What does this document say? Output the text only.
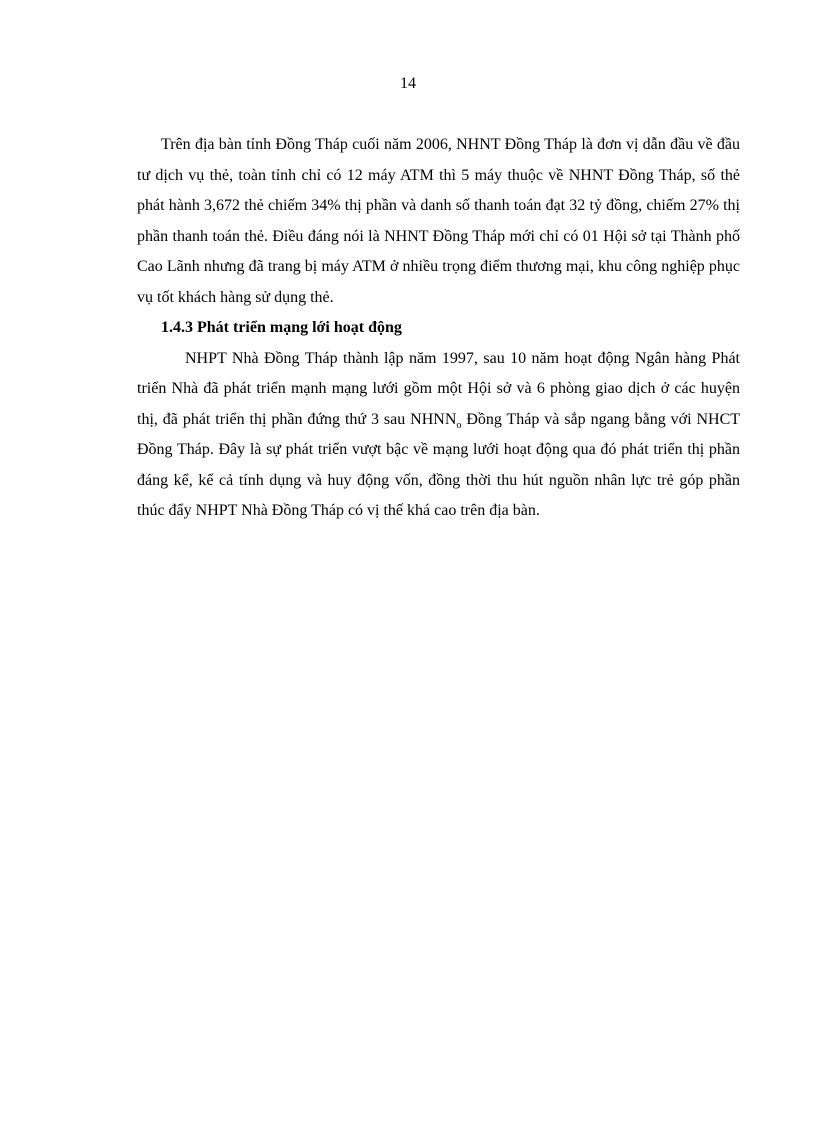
14

Trên địa bàn tỉnh Đồng Tháp cuối năm 2006, NHNT Đồng Tháp là đơn vị dẫn đầu về đầu tư dịch vụ thẻ, toàn tỉnh chỉ có 12 máy ATM thì 5 máy thuộc về NHNT Đồng Tháp, số thẻ phát hành 3,672 thẻ chiếm 34% thị phần và danh số thanh toán đạt 32 tỷ đồng, chiếm 27% thị phần thanh toán thẻ. Điều đáng nói là NHNT Đồng Tháp mới chỉ có 01 Hội sở tại Thành phố Cao Lãnh nhưng đã trang bị máy ATM ở nhiều trọng điểm thương mại, khu công nghiệp phục vụ tốt khách hàng sử dụng thẻ.

1.4.3 Phát triển mạng lới hoạt động

NHPT Nhà Đồng Tháp thành lập năm 1997, sau 10 năm hoạt động Ngân hàng Phát triển Nhà đã phát triển mạnh mạng lưới gồm một Hội sở và 6 phòng giao dịch ở các huyện thị, đã phát triển thị phần đứng thứ 3 sau $NHNN_o$ Đồng Tháp và sắp ngang bằng với NHCT Đồng Tháp. Đây là sự phát triển vượt bậc về mạng lưới hoạt động qua đó phát triển thị phần đáng kể, kể cả tính dụng và huy động vốn, đồng thời thu hút nguồn nhân lực trẻ góp phần thúc đẩy NHPT Nhà Đồng Tháp có vị thế khá cao trên địa bàn.
